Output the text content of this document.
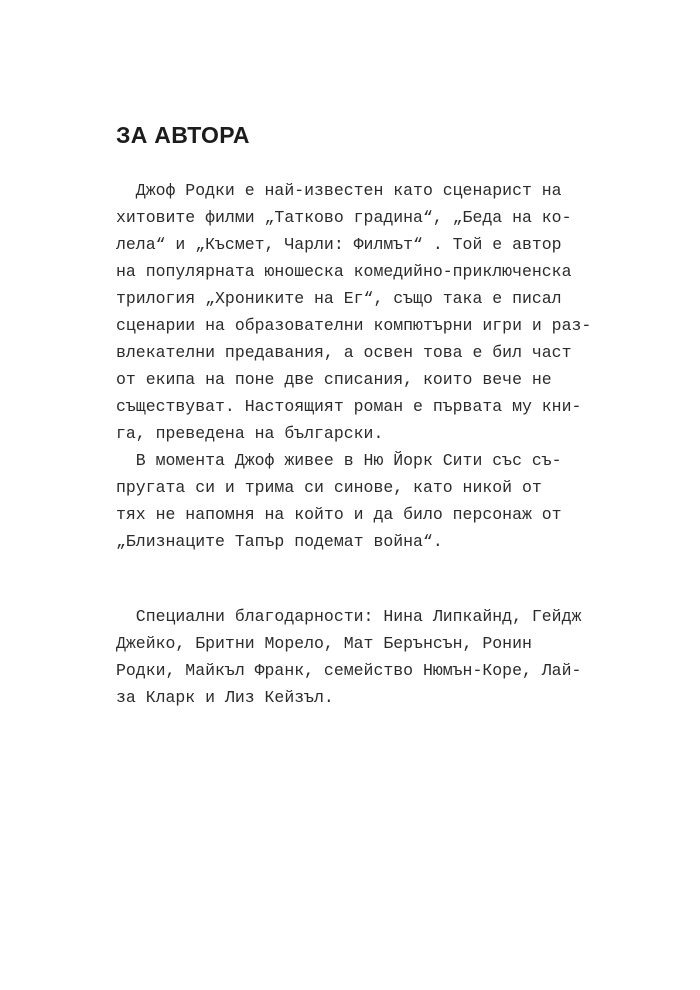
ЗА АВТОРА
Джоф Родки е най-известен като сценарист на
хитовите филми „Татково градина“, „Беда на ко-
лела“ и „Късмет, Чарли: Филмът“ . Той е автор
на популярната юношеска комедийно-приключенска
трилогия „Хрониките на Ег“, също така е писал
сценарии на образователни компютърни игри и раз-
влекателни предавания, а освен това е бил част
от екипа на поне две списания, които вече не
съществуват. Настоящият роман е първата му кни-
га, преведена на български.
В момента Джоф живее в Ню Йорк Сити със съ-
пругата си и трима си синове, като никой от
тях не напомня на който и да било персонаж от
„Близнаците Тапър подемат война“.
Специални благодарности: Нина Липкайнд, Гейдж
Джейко, Бритни Морело, Мат Берънсън, Ронин
Родки, Майкъл Франк, семейство Нюмън-Коре, Лай-
за Кларк и Лиз Кейзъл.
